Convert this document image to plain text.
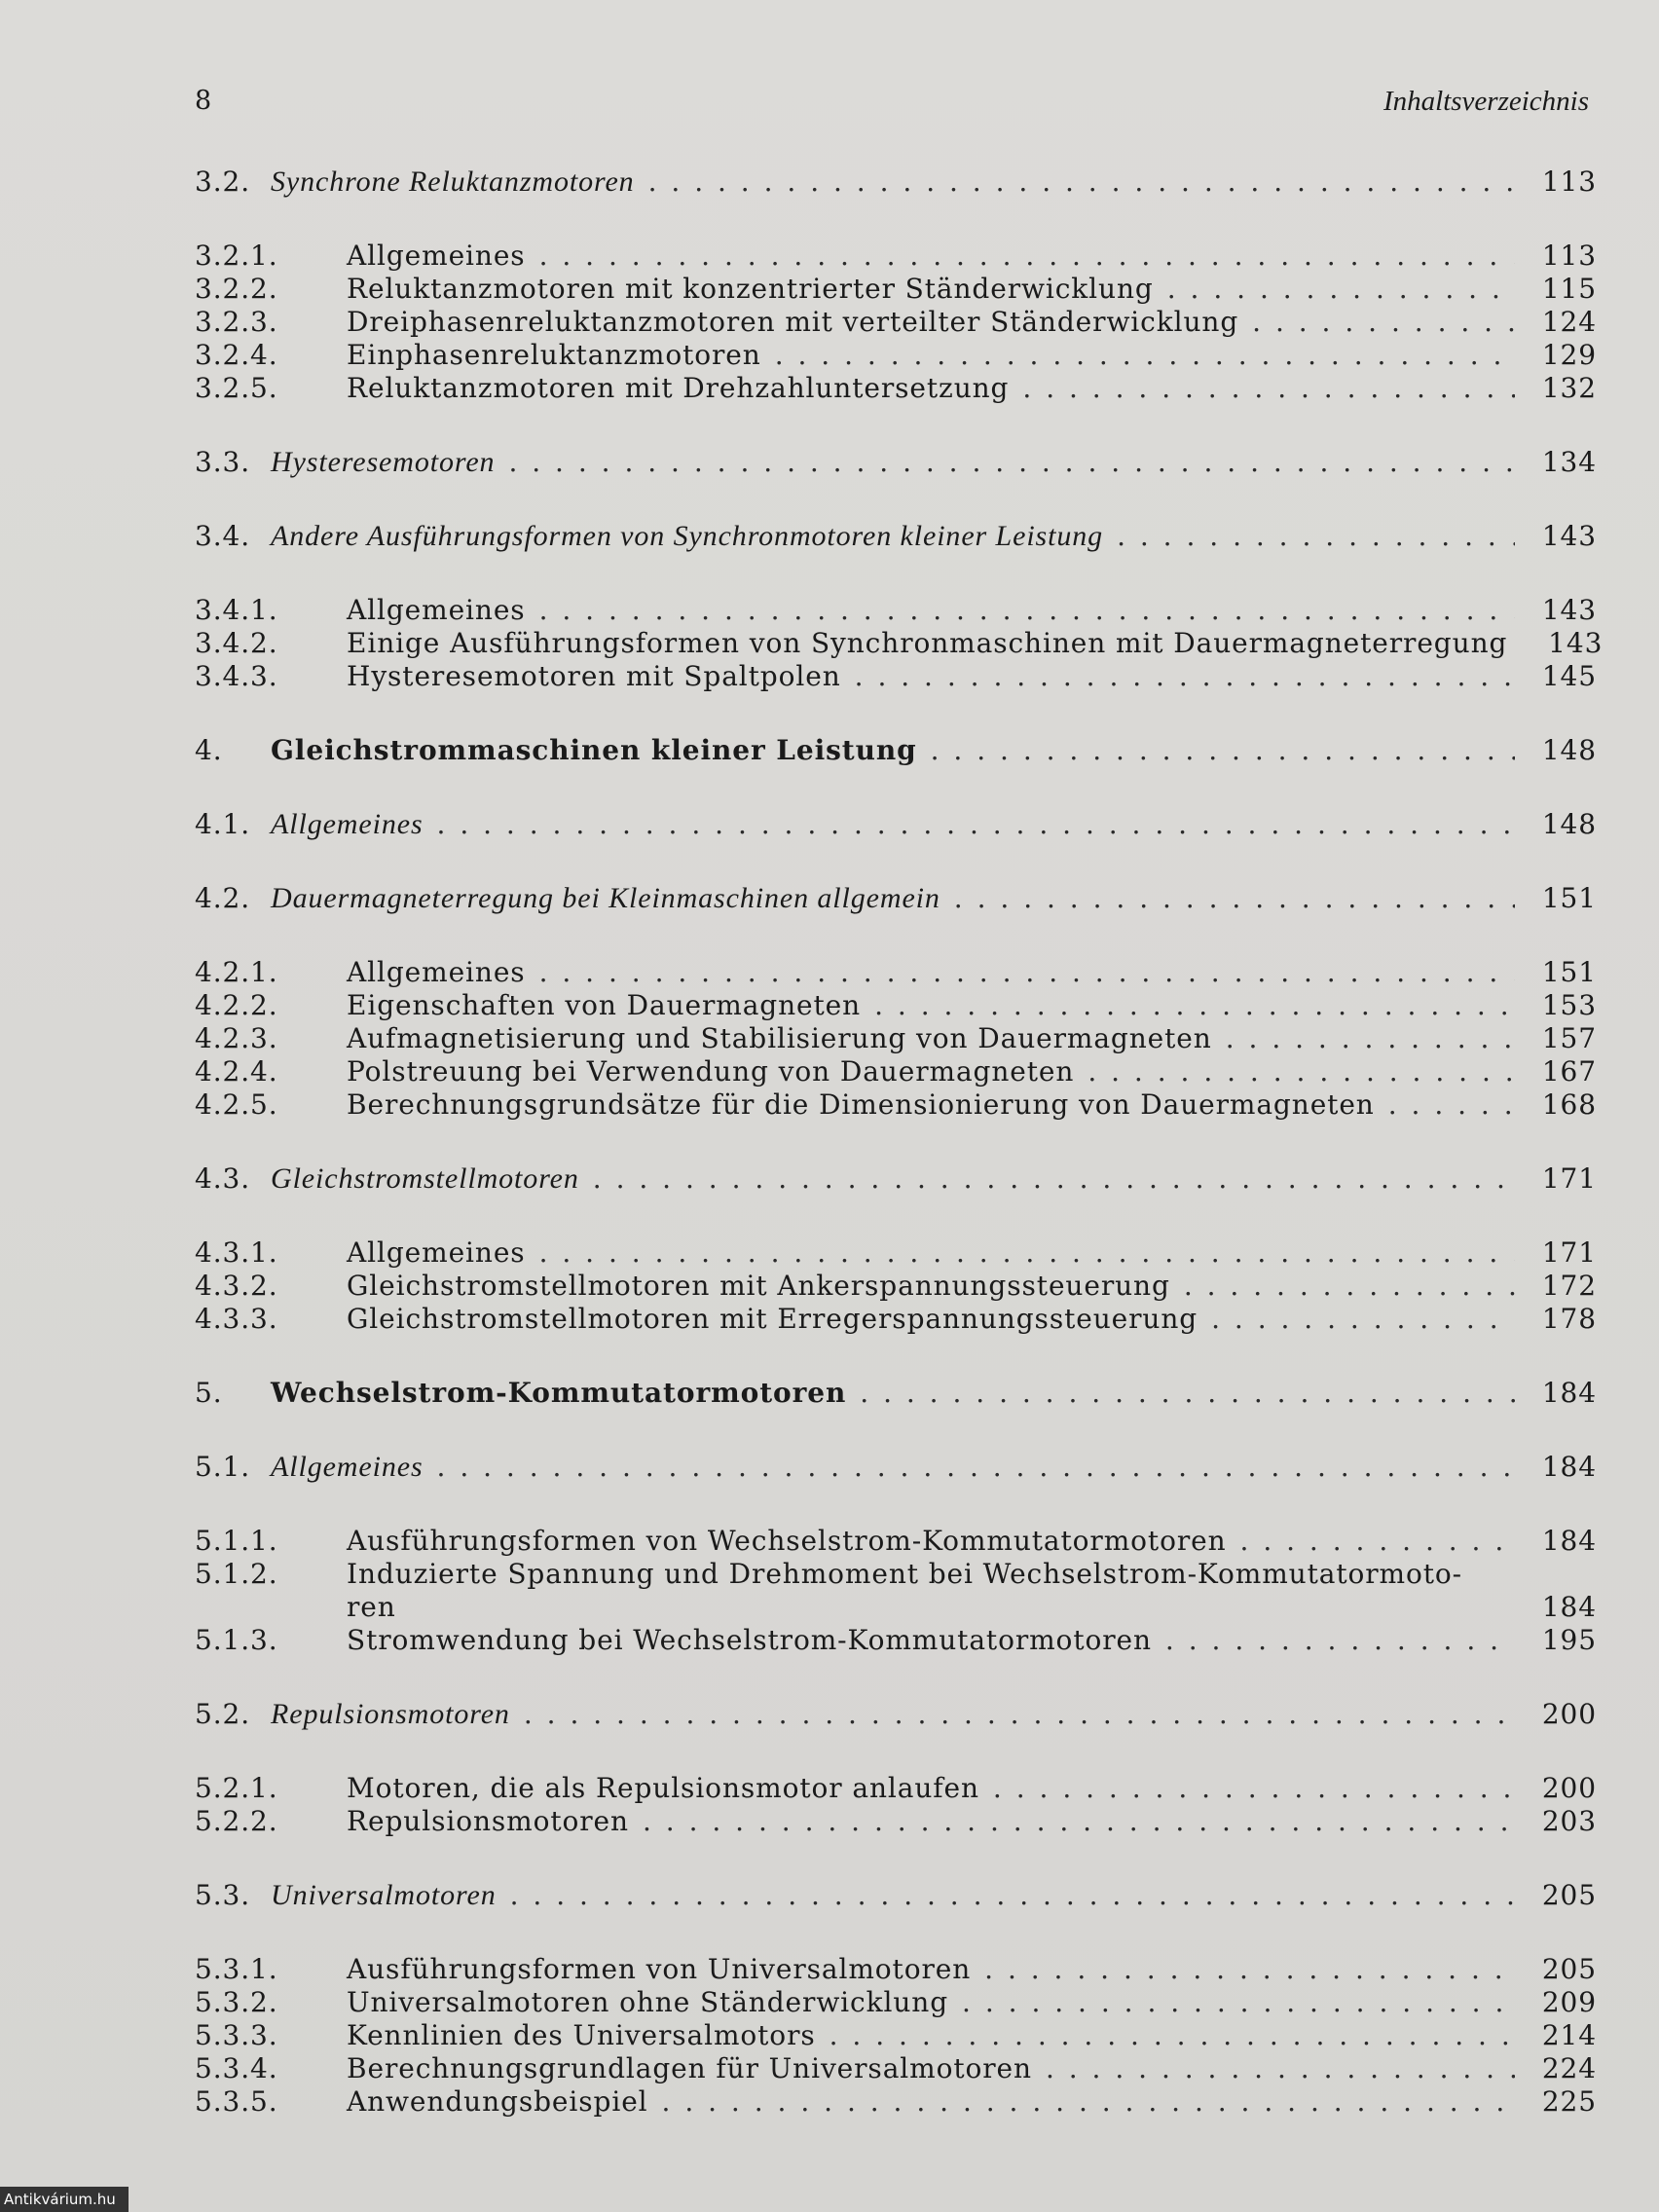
8	Inhaltsverzeichnis
3.2. Synchrone Reluktanzmotoren . . .	113
3.2.1.	Allgemeines . . .	113
3.2.2.	Reluktanzmotoren mit konzentrierter Ständerwicklung . . .	115
3.2.3.	Dreiphasenreluktanzmotoren mit verteilter Ständerwicklung . . .	124
3.2.4.	Einphasenreluktanzmotoren . . .	129
3.2.5.	Reluktanzmotoren mit Drehzahluntersetzung . . .	132
3.3. Hysteresemotoren . . .	134
3.4. Andere Ausführungsformen von Synchronmotoren kleiner Leistung . . .	143
3.4.1.	Allgemeines . . .	143
3.4.2.	Einige Ausführungsformen von Synchronmaschinen mit Dauermagneterregung	143
3.4.3.	Hysteresemotoren mit Spaltpolen . . .	145
4.	Gleichstrommaschinen kleiner Leistung . . .	148
4.1. Allgemeines . . .	148
4.2. Dauermagneterregung bei Kleinmaschinen allgemein . . .	151
4.2.1.	Allgemeines . . .	151
4.2.2.	Eigenschaften von Dauermagneten . . .	153
4.2.3.	Aufmagnetisierung und Stabilisierung von Dauermagneten . . .	157
4.2.4.	Polstreuung bei Verwendung von Dauermagneten . . .	167
4.2.5.	Berechnungsgrundsätze für die Dimensionierung von Dauermagneten . . .	168
4.3. Gleichstromstellmotoren . . .	171
4.3.1.	Allgemeines . . .	171
4.3.2.	Gleichstromstellmotoren mit Ankerspannungssteuerung . . .	172
4.3.3.	Gleichstromstellmotoren mit Erregerspannungssteuerung . . .	178
5.	Wechselstrom-Kommutatormotoren . . .	184
5.1. Allgemeines . . .	184
5.1.1.	Ausführungsformen von Wechselstrom-Kommutatormotoren . . .	184
5.1.2.	Induzierte Spannung und Drehmoment bei Wechselstrom-Kommutatormoto-
ren	184
5.1.3.	Stromwendung bei Wechselstrom-Kommutatormotoren . . .	195
5.2. Repulsionsmotoren . . .	200
5.2.1.	Motoren, die als Repulsionsmotor anlaufen . . .	200
5.2.2.	Repulsionsmotoren . . .	203
5.3. Universalmotoren . . .	205
5.3.1.	Ausführungsformen von Universalmotoren . . .	205
5.3.2.	Universalmotoren ohne Ständerwicklung . . .	209
5.3.3.	Kennlinien des Universalmotors . . .	214
5.3.4.	Berechnungsgrundlagen für Universalmotoren . . .	224
5.3.5.	Anwendungsbeispiel . . .	225
Antikvárium.hu
